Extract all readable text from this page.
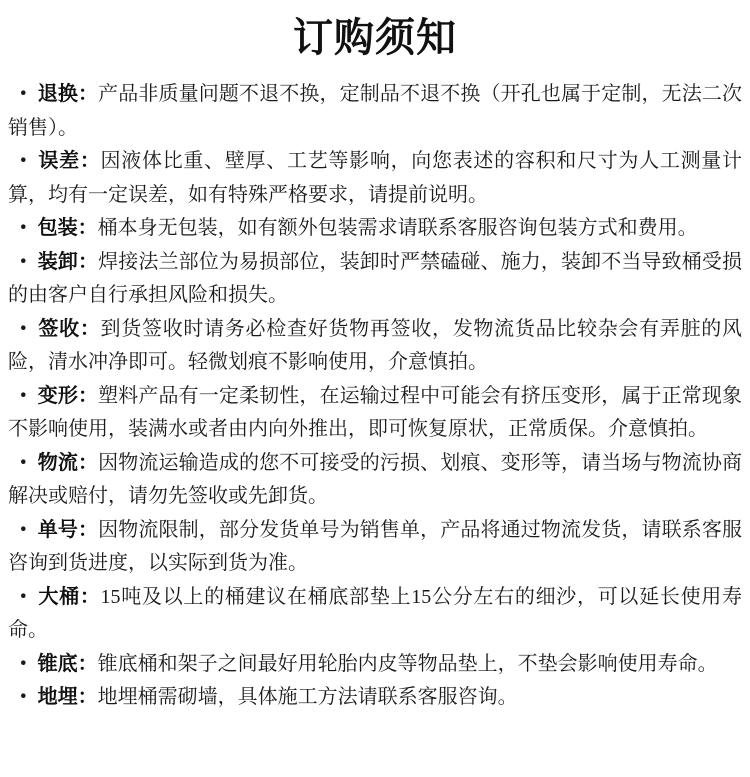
订购须知

· 退换：产品非质量问题不退不换，定制品不退不换（开孔也属于定制，无法二次销售）。

· 误差：因液体比重、壁厚、工艺等影响，向您表述的容积和尺寸为人工测量计算，均有一定误差，如有特殊严格要求，请提前说明。

· 包装：桶本身无包装，如有额外包装需求请联系客服咨询包装方式和费用。

· 装卸：焊接法兰部位为易损部位，装卸时严禁磕碰、施力，装卸不当导致桶受损的由客户自行承担风险和损失。

· 签收：到货签收时请务必检查好货物再签收，发物流货品比较杂会有弄脏的风险，清水冲净即可。轻微划痕不影响使用，介意慎拍。

· 变形：塑料产品有一定柔韧性，在运输过程中可能会有挤压变形，属于正常现象不影响使用，装满水或者由内向外推出，即可恢复原状，正常质保。介意慎拍。

· 物流：因物流运输造成的您不可接受的污损、划痕、变形等，请当场与物流协商解决或赔付，请勿先签收或先卸货。

· 单号：因物流限制，部分发货单号为销售单，产品将通过物流发货，请联系客服咨询到货进度，以实际到货为准。

· 大桶：15吨及以上的桶建议在桶底部垫上15公分左右的细沙，可以延长使用寿命。

· 锥底：锥底桶和架子之间最好用轮胎内皮等物品垫上，不垫会影响使用寿命。

· 地埋：地埋桶需砌墙，具体施工方法请联系客服咨询。
